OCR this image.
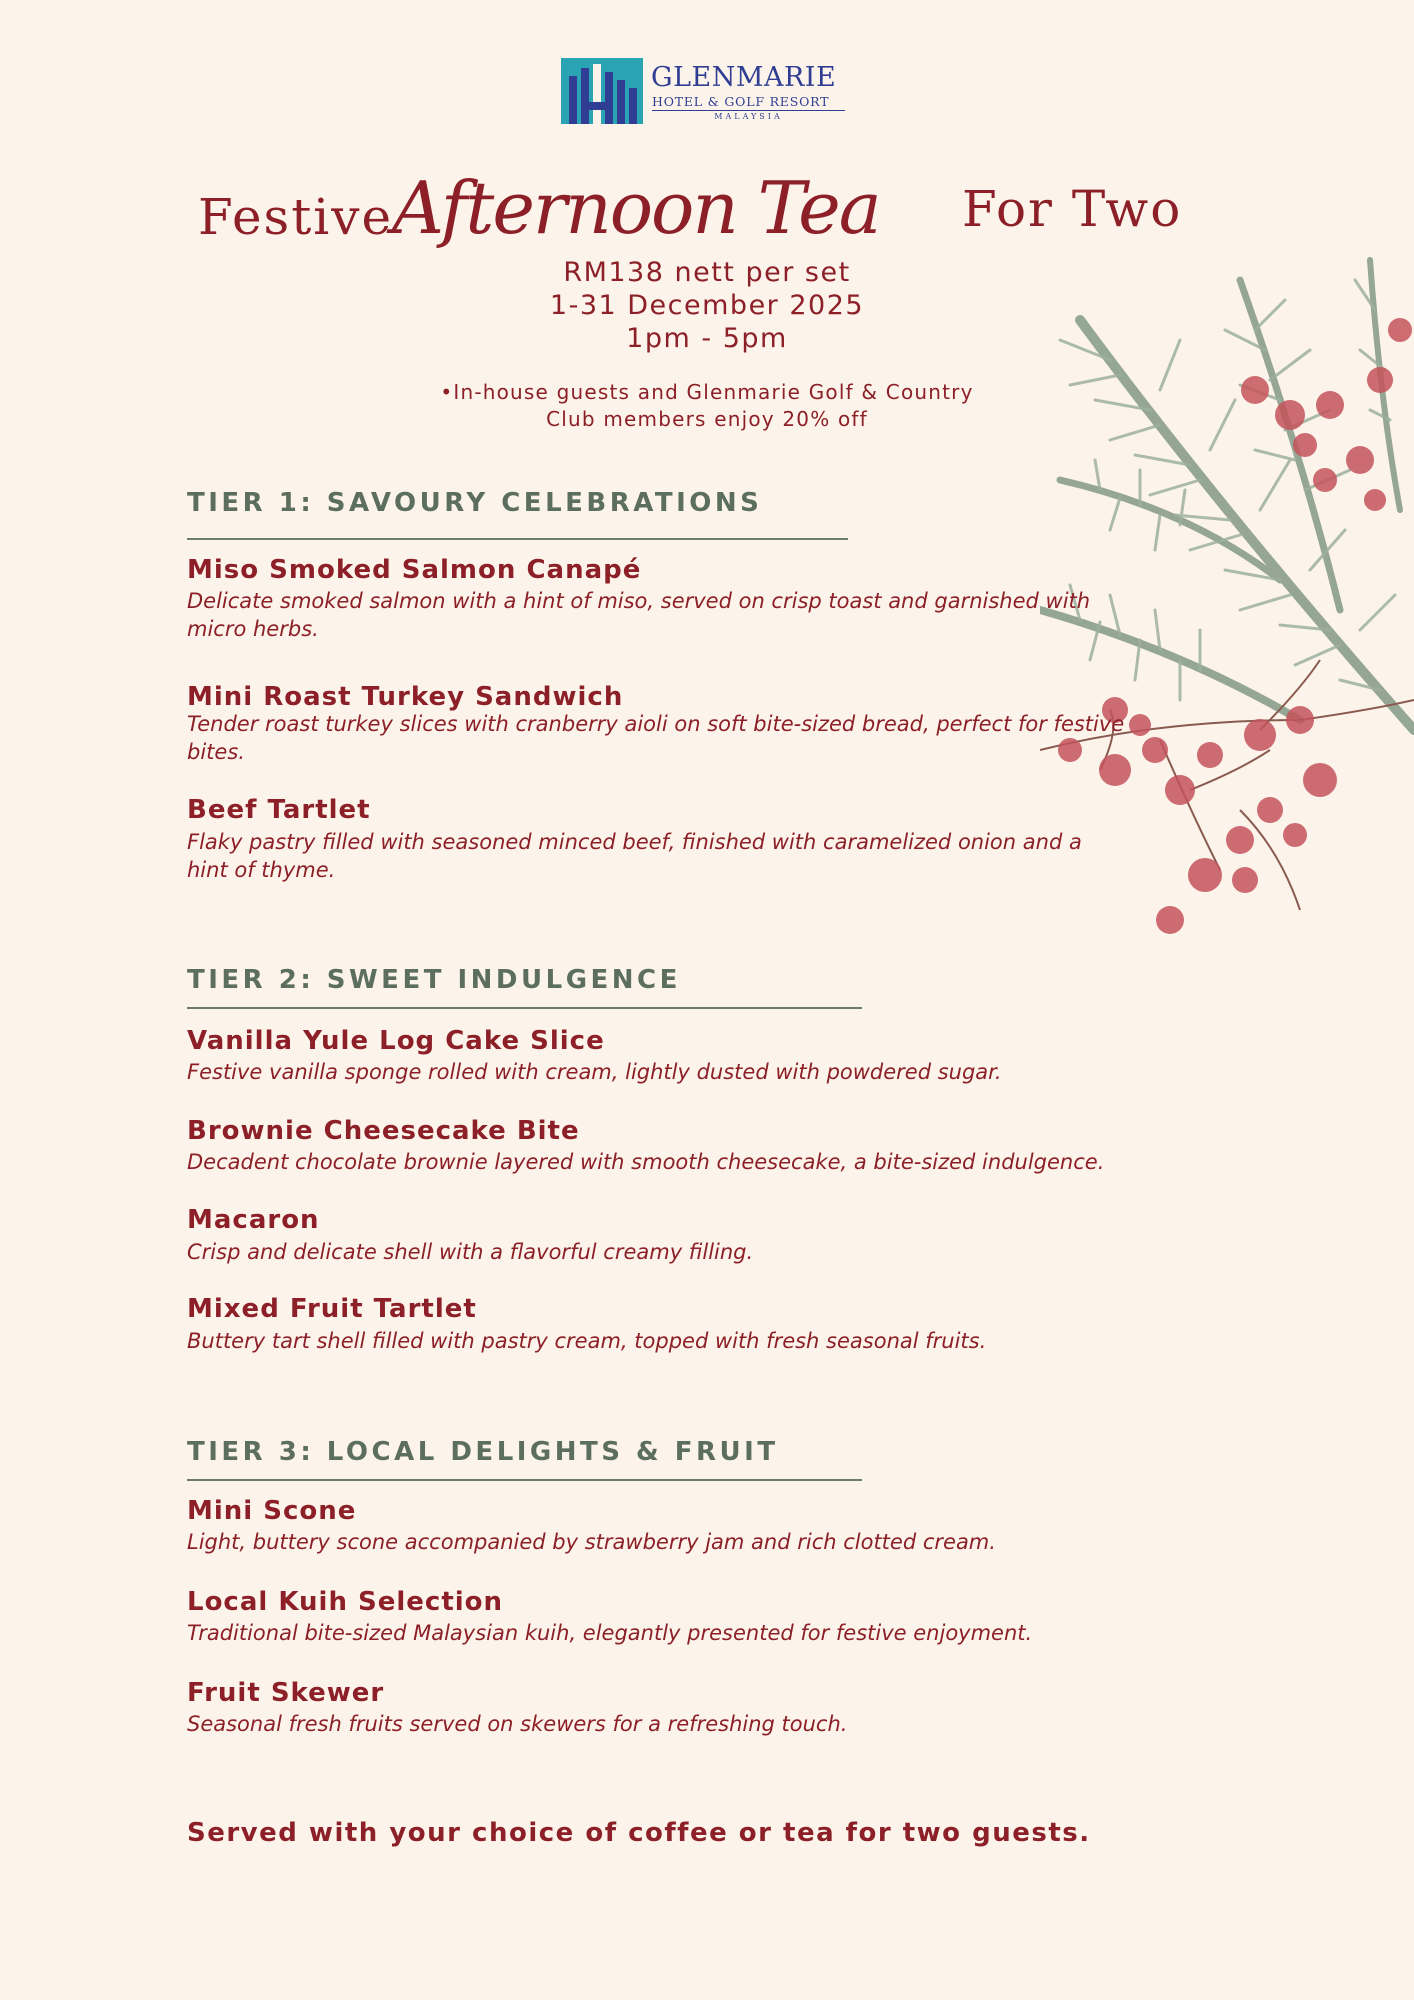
GLENMARIE
HOTEL & GOLF RESORT
MALAYSIA
Festive
Afternoon Tea For Two
RM138 nett per set
1-31 December 2025
1pm - 5pm
•In-house guests and Glenmarie Golf & Country
Club members enjoy 20% off
TIER 1: SAVOURY CELEBRATIONS
Miso Smoked Salmon Canapé
Delicate smoked salmon with a hint of miso, served on crisp toast and garnished with micro herbs.
Mini Roast Turkey Sandwich
Tender roast turkey slices with cranberry aioli on soft bite-sized bread, perfect for festive bites.
Beef Tartlet
Flaky pastry filled with seasoned minced beef, finished with caramelized onion and a hint of thyme.
TIER 2: SWEET INDULGENCE
Vanilla Yule Log Cake Slice
Festive vanilla sponge rolled with cream, lightly dusted with powdered sugar.
Brownie Cheesecake Bite
Decadent chocolate brownie layered with smooth cheesecake, a bite-sized indulgence.
Macaron
Crisp and delicate shell with a flavorful creamy filling.
Mixed Fruit Tartlet
Buttery tart shell filled with pastry cream, topped with fresh seasonal fruits.
TIER 3: LOCAL DELIGHTS & FRUIT
Mini Scone
Light, buttery scone accompanied by strawberry jam and rich clotted cream.
Local Kuih Selection
Traditional bite-sized Malaysian kuih, elegantly presented for festive enjoyment.
Fruit Skewer
Seasonal fresh fruits served on skewers for a refreshing touch.
Served with your choice of coffee or tea for two guests.
